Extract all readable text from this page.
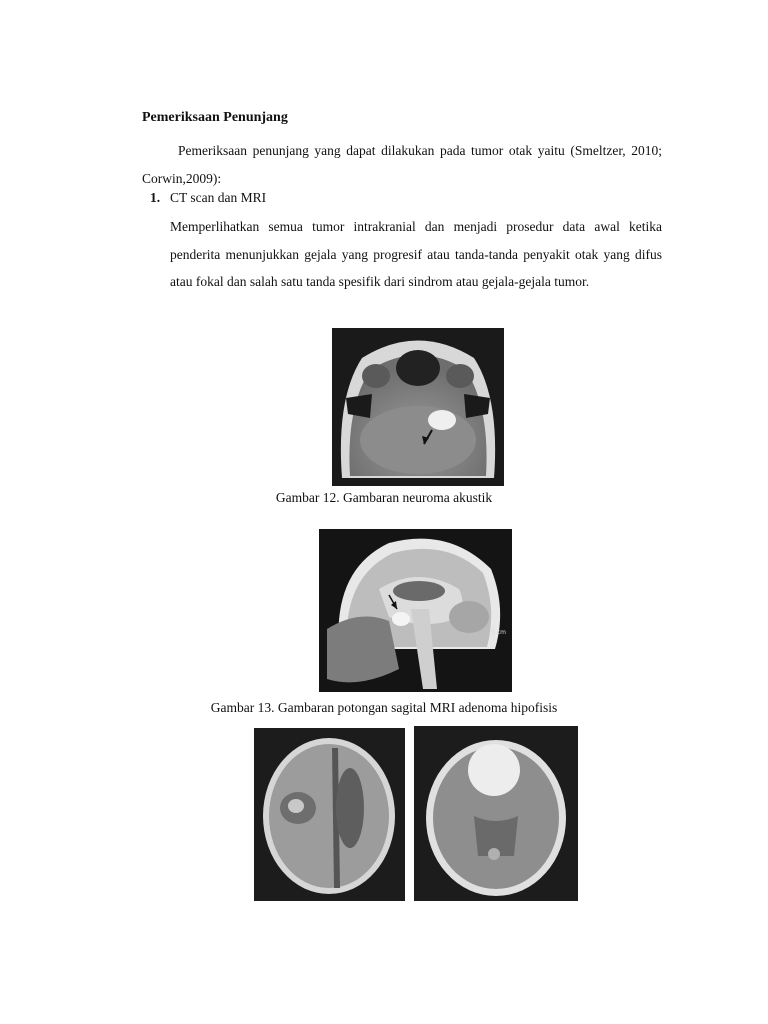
Pemeriksaan Penunjang
Pemeriksaan penunjang yang dapat dilakukan pada tumor otak yaitu (Smeltzer, 2010; Corwin,2009):
1. CT scan dan MRI
Memperlihatkan semua tumor intrakranial dan menjadi prosedur data awal ketika penderita menunjukkan gejala yang progresif atau tanda-tanda penyakit otak yang difus atau fokal dan salah satu tanda spesifik dari sindrom atau gejala-gejala tumor.
Gambar 12. Gambaran neuroma akustik
5 cm
Gambar 13. Gambaran potongan sagital MRI adenoma hipofisis
